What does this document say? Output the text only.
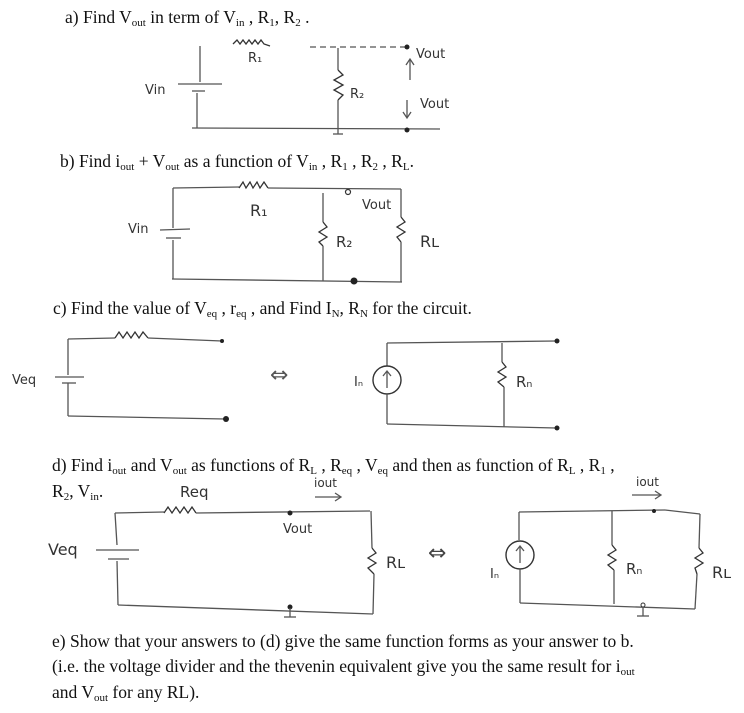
a) Find $V_{out}$ in term of $V_{in}$ , $R_1$, $R_2$ .
b) Find $i_{out} + V_{out}$ as a function of $V_{in}$ , $R_1$ , $R_2$ , $R_L$.
c) Find the value of $V_{eq}$ , $r_{eq}$ , and Find $I_N$, $R_N$ for the circuit.
d) Find $i_{out}$ and $V_{out}$ as functions of $R_L$ , $R_{eq}$ , $V_{eq}$ and then as function of $R_L$ , $R_1$ ,
$R_2$, $V_{in}$.
e) Show that your answers to (d) give the same function forms as your answer to b.
(i.e. the voltage divider and the thevenin equivalent give you the same result for $i_{out}$
and $V_{out}$ for any RL).
Vin
R₁
R₂
Vout
Vout
Vin
R₁
R₂
Vout
Rʟ
Veq	⇔	Iₙ	Rₙ
Req	iout
Vout
Veq
Rʟ ⇔
iout
Iₙ	Rₙ	Rʟ
